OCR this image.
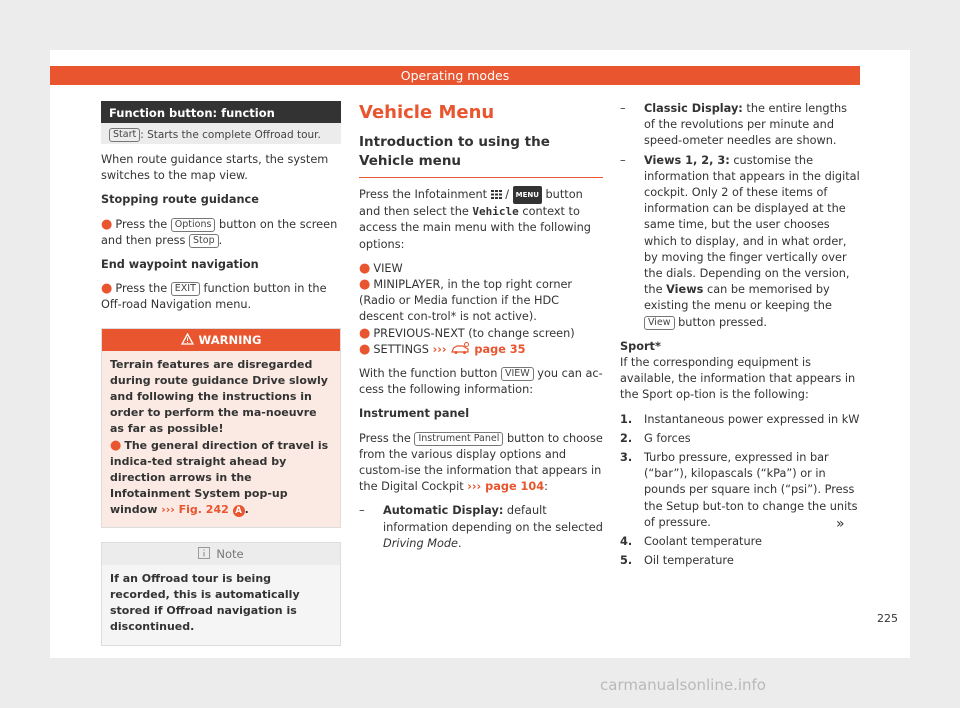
Operating modes
Function button: function
Start : Starts the complete Offroad tour.

When route guidance starts, the system switches to the map view.

Stopping route guidance

● Press the Options button on the screen and then press Stop .

End waypoint navigation

● Press the EXIT function button in the Off-road Navigation menu.

WARNING

Terrain features are disregarded during route guidance Drive slowly and following the instructions in order to perform the ma-noeuvre as far as possible!

● The general direction of travel is indica-ted straight ahead by direction arrows in the Infotainment System pop-up window ››› Fig. 242 A .

Note
If an Offroad tour is being recorded, this is automatically stored if Offroad navigation is discontinued.
Vehicle Menu
Introduction to using the Vehicle menu

Press the Infotainment  / MENU button and then select the Vehicle context to access the main menu with the following options:

● VIEW

● MINIPLAYER, in the top right corner (Radio or Media function if the HDC descent con-trol* is not active).

● PREVIOUS-NEXT (to change screen)

● SETTINGS ›››  page 35

With the function button VIEW you can ac-cess the following information:

Instrument panel

Press the Instrument Panel button to choose from the various display options and custom-ise the information that appears in the Digital Cockpit ››› page 104:

– Automatic Display: default information depending on the selected Driving Mode.

– Classic Display: the entire lengths of the revolutions per minute and speed-ometer needles are shown.

– Views 1, 2, 3: customise the information that appears in the digital cockpit. Only 2 of these items of information can be displayed at the same time, but the user chooses which to display, and in what order, by moving the finger vertically over the dials. Depending on the version, the Views can be memorised by existing the menu or keeping the View button pressed.

Sport*

If the corresponding equipment is available, the information that appears in the Sport op-tion is the following:

1. Instantaneous power expressed in kW

2. G forces

3. Turbo pressure, expressed in bar (“bar”), kilopascals (“kPa”) or in pounds per square inch (“psi”). Press the Setup but-ton to change the units of pressure.

4. Coolant temperature

5. Oil temperature

»
225
carmanualsonline.info
